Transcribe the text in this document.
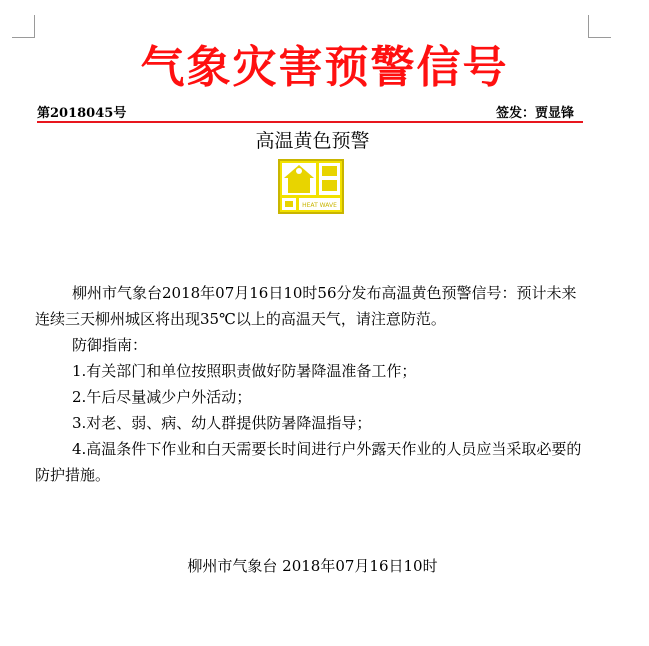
气象灾害预警信号
第2018045号	签发：贾显锋
高温黄色预警
HEAT WAVE

柳州市气象台2018年07月16日10时56分发布高温黄色预警信号：预计未来连续三天柳州城区将出现35℃以上的高温天气，请注意防范。

防御指南：

1.有关部门和单位按照职责做好防暑降温准备工作；

2.午后尽量减少户外活动；

3.对老、弱、病、幼人群提供防暑降温指导；

4.高温条件下作业和白天需要长时间进行户外露天作业的人员应当采取必要的防护措施。

柳州市气象台 2018年07月16日10时
